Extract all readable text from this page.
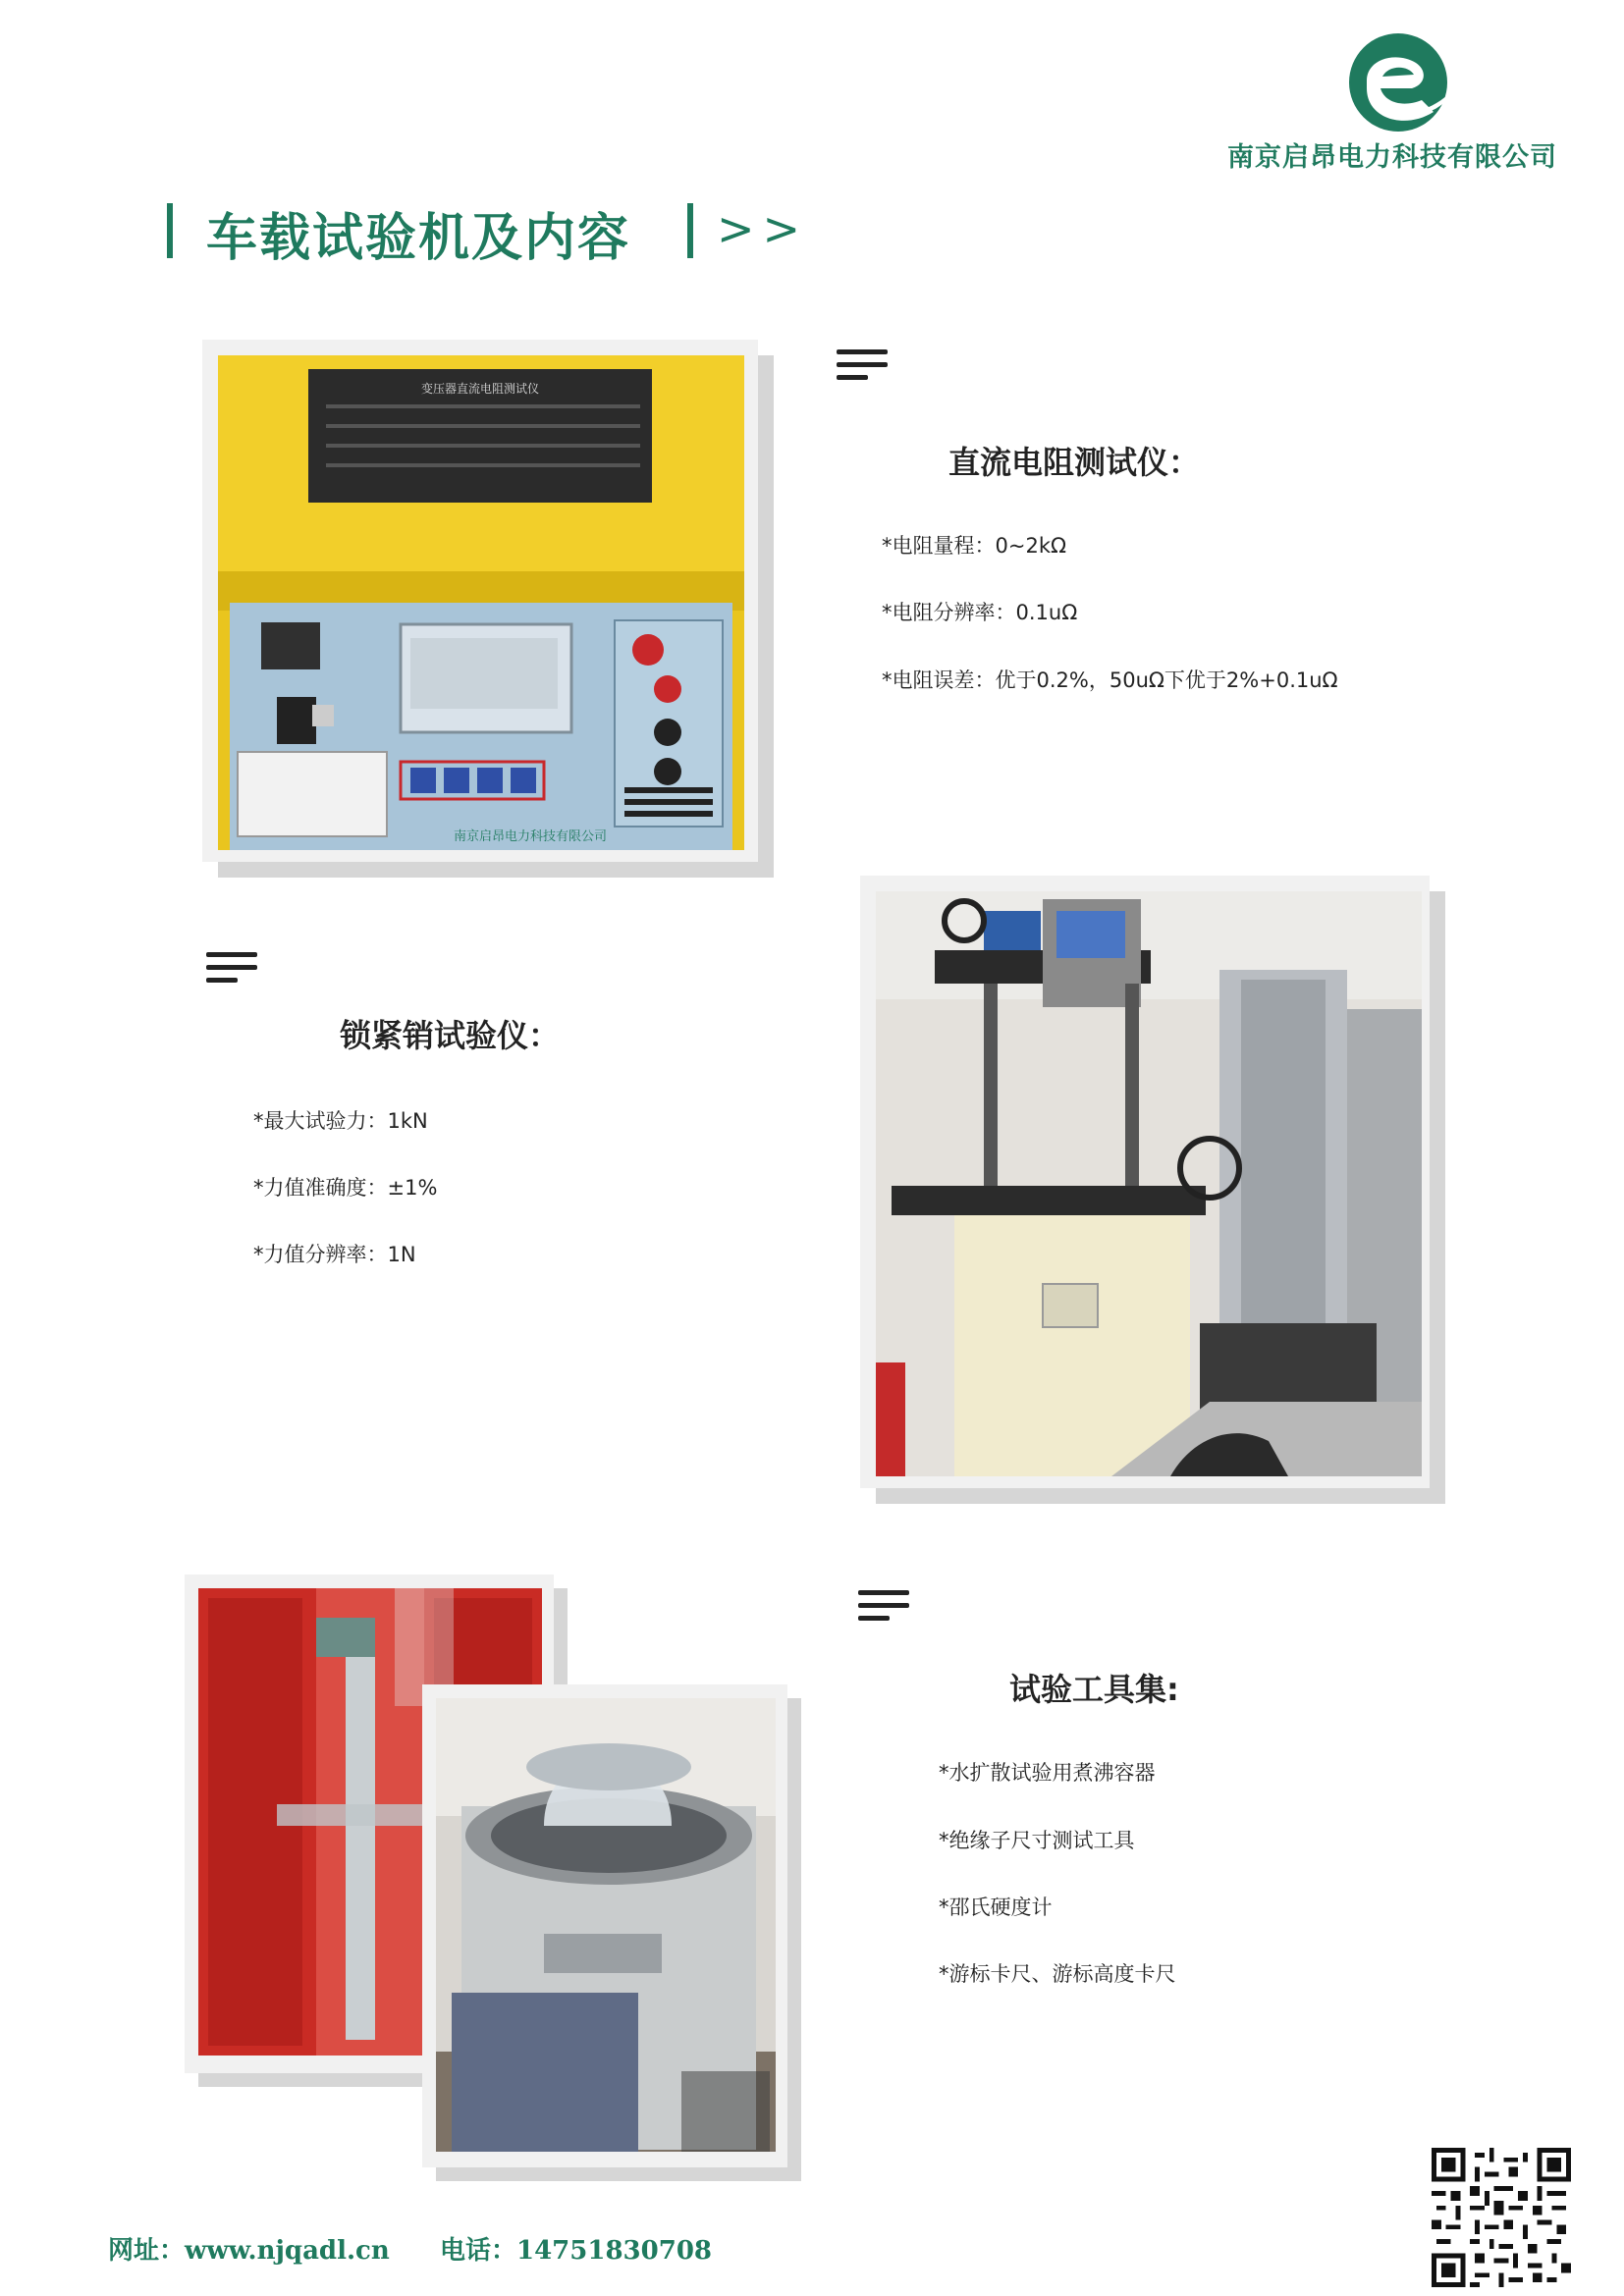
南京启昂电力科技有限公司
车载试验机及内容 >>
变压器直流电阻测试仪
南京启昂电力科技有限公司
直流电阻测试仪：
*电阻量程：0~2kΩ
*电阻分辨率：0.1uΩ
*电阻误差：优于0.2%，50uΩ下优于2%+0.1uΩ
锁紧销试验仪：
*最大试验力：1kN
*力值准确度：±1%
*力值分辨率：1N
试验工具集:
*水扩散试验用煮沸容器
*绝缘子尺寸测试工具
*邵氏硬度计
*游标卡尺、游标高度卡尺
网址：www.njqadl.cn 电话：14751830708
